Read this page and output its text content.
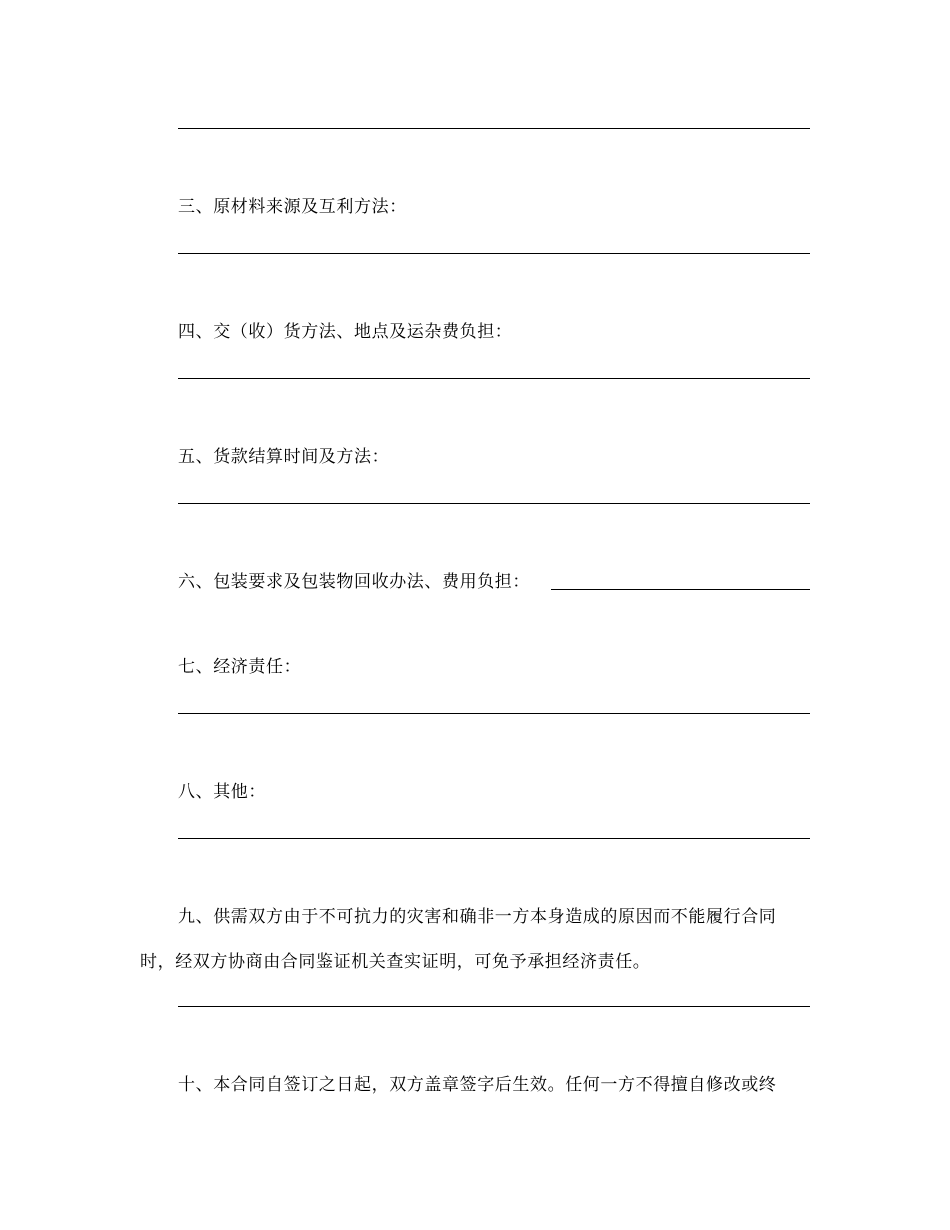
三、原材料来源及互利方法：
四、交（收）货方法、地点及运杂费负担：
五、货款结算时间及方法：
六、包装要求及包装物回收办法、费用负担：
七、经济责任：
八、其他：
九、供需双方由于不可抗力的灾害和确非一方本身造成的原因而不能履行合同
时，经双方协商由合同鉴证机关查实证明，可免予承担经济责任。
十、本合同自签订之日起，双方盖章签字后生效。任何一方不得擅自修改或终
